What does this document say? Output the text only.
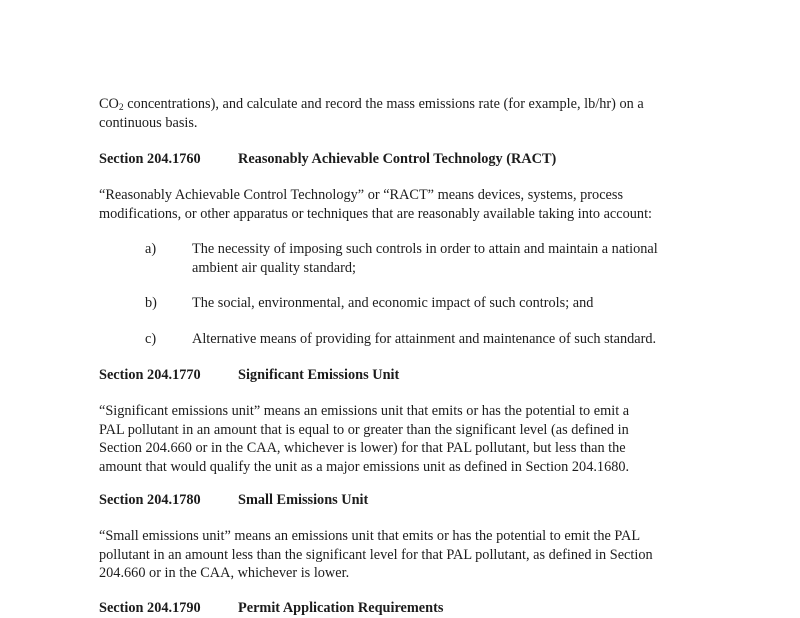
$CO_2$ concentrations), and calculate and record the mass emissions rate (for example, lb/hr) on a
continuous basis.

Section 204.1760	Reasonably Achievable Control Technology (RACT)

“Reasonably Achievable Control Technology” or “RACT” means devices, systems, process
modifications, or other apparatus or techniques that are reasonably available taking into account:

a)	The necessity of imposing such controls in order to attain and maintain a national
ambient air quality standard;
b) The social, environmental, and economic impact of such controls; and
c)	Alternative means of providing for attainment and maintenance of such standard.
Section 204.1770	Significant Emissions Unit

“Significant emissions unit” means an emissions unit that emits or has the potential to emit a
PAL pollutant in an amount that is equal to or greater than the significant level (as defined in
Section 204.660 or in the CAA, whichever is lower) for that PAL pollutant, but less than the
amount that would qualify the unit as a major emissions unit as defined in Section 204.1680.

Section 204.1780	Small Emissions Unit

“Small emissions unit” means an emissions unit that emits or has the potential to emit the PAL
pollutant in an amount less than the significant level for that PAL pollutant, as defined in Section
204.660 or in the CAA, whichever is lower.

Section 204.1790	Permit Application Requirements
